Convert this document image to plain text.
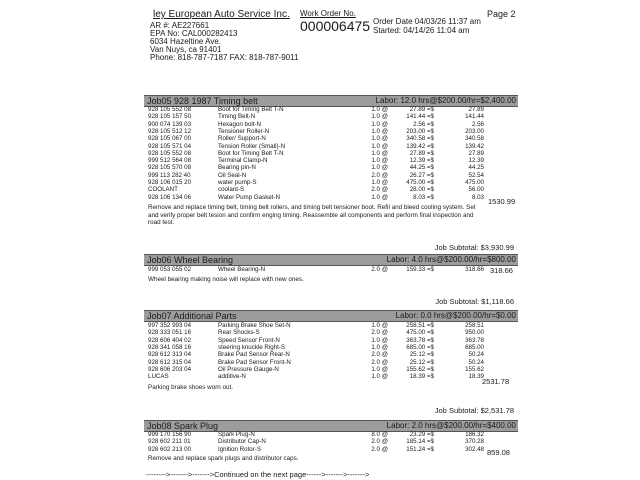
ley European Auto Service Inc.
AR #: AE227661
EPA No: CAL000282413
6034 Hazeltine Ave.
Van Nuys, ca 91401
Phone: 818-787-7187 FAX: 818-787-9011
Work Order No.
000006475 Order Date 04/03/26 11:37 am
Started: 04/14/26 11:04 am
Page 2
Job05 928 1987 Timing belt	Labor: 12.0 hrs@$200.00/hr=$2,400.00
928 105 552 08	Boot for Timing Belt T-N	1.0 @	27.89 =$	27.89
928 105 157 50	Timing Belt-N	1.0 @	141.44 =$	141.44
900 074 139 03	Hexagon bolt-N	1.0 @	2.56 =$	2.56
928 105 512 12	Tensioner Roller-N	1.0 @	203.00 =$	203.00
928 105 067 00	Roller/ Support-N	1.0 @	340.58 =$	340.58
928 105 571 04	Tension Roller (Small)-N	1.0 @	139.42 =$	139.42
928 105 552 08	Boot for Timing Belt T-N	1.0 @	27.89 =$	27.89
999 512 564 08	Terminal Clamp-N	1.0 @	12.39 =$	12.39
928 105 570 08	Bearing pin-N	1.0 @	44.25 =$	44.25
999 113 282 40	Oil Seal-N	2.0 @	26.27 =$	52.54
928 106 015 20	water pump-S	1.0 @	475.00 =$	475.00
COOLANT	coolant-S	2.0 @	28.00 =$	56.00
928 106 134 06	Water Pump Gasket-N	1.0 @	8.03 =$	8.03 1530.99
Remove and replace timing belt, timing belt rollers, and timing belt tensioner boot. Refil and bleed cooling system. Set
and verify proper belt tesion and confirm enging timing. Reassemble all components and perform final inspection and
road test.
Job Subtotal: $3,930.99
Job06 Wheel Bearing	Labor: 4.0 hrs@$200.00/hr=$800.00
999 053 055 02	Wheel Bearing-N	2.0 @	159.33 =$	318.66 318.66
Wheel bearing making noise will replace with new ones.
Job Subtotal: $1,118.66
Job07 Additional Parts	Labor: 0.0 hrs@$200.00/hr=$0.00
997 352 993 04	Parking Brake Shoe Set-N	1.0 @	258.51 =$	258.51
928 333 051 16	Rear Shocks-S	2.0 @	475.00 =$	950.00
928 606 404 02	Speed Sensor Front-N	1.0 @	363.78 =$	363.78
928 341 058 16	steering knuckle Right-S	1.0 @	685.00 =$	685.00
928 612 313 04	Brake Pad Sensor Rear-N	2.0 @	25.12 =$	50.24
928 612 315 04	Brake Pad Sensor Front-N	2.0 @	25.12 =$	50.24
928 606 203 04	Oil Pressure Gauge-N	1.0 @	155.62 =$	155.62
LUCAS	additive-N	1.0 @	18.39 =$	18.39
2531.78
Parking brake shoes worn out.
Job Subtotal: $2,531.78
Job08 Spark Plug	Labor: 2.0 hrs@$200.00/hr=$400.00
999 170 156 90	Spark Plug-N	8.0 @	23.29 =$	186.32
928 602 211 01	Distributor Cap-N	2.0 @	185.14 =$	370.28
928 602 213 00	Ignition Rotor-S	2.0 @	151.24 =$	302.48 859.08
Remove and replace spark plugs and distributor caps.
-------->------->------->Continued on the next page------>------->------->
